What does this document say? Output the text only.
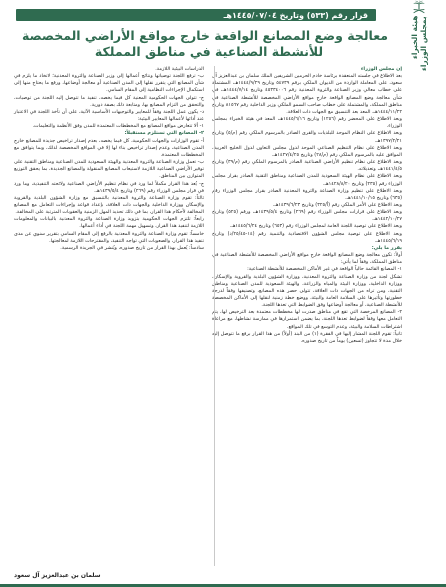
قرار رقم (٥٣٣) وتاريخ ١٤٤٥/٠٧/٠٤هـ
هيئة الخبراء بمجلس الوزراء
معالجة وضع المصانع الواقعة خارج مواقع الأراضي المخصصة
للأنشطة الصناعية في مناطق المملكة

إن مجلس الوزراء

بعد الاطلاع في جلسته المنعقدة برئاسة خادم الحرمين الشريفين الملك سلمان بن عبدالعزيز آل سعود، على المعاملة الواردة من الديوان الملكي برقم ٥٤٧٣٩ وتاريخ ١٤٤٤/٩/٢٩هـ، المشتملة على خطاب معالي وزير الصناعة والثروة المعدنية رقم ٤٥٣٣٤٠٠٦ وتاريخ ١٤٤٤/٧/١٤هـ، في شأن معالجة وضع المصانع الواقعة خارج مواقع الأراضي المخصصة للأنشطة الصناعية في مناطق المملكة، والمشتملة على خطاب صاحب السمو الملكي وزير الداخلية رقم ٨١٥٦٧ وتاريخ ١٤٤٤/١١/٢٢هـ، المعد بعد التنسيق مع الجهات ذات العلاقة.

وبعد الاطلاع على المحضر رقم (١٢٥٦) وتاريخ ١٤٤٥/٦/١٦هـ، المعد في هيئة الخبراء بمجلس الوزراء.

وبعد الاطلاع على النظام الموحد للبلديات والقرى الصادر بالمرسوم الملكي رقم (م/٥) وتاريخ ١٣٩٧/٢/٢١هـ.

وبعد الاطلاع على نظام التنظيم الصناعي الموحد لدول مجلس التعاون لدول الخليج العربية، الموافق عليه بالمرسوم الملكي رقم (م/٢٨) وتاريخ ١٤٢٧/٤/٢٥هـ.

وبعد الاطلاع على نظام تنظيم الأراضي الصناعية الصادر بالمرسوم الملكي رقم (م/٣٩) وتاريخ ١٤٤١/٤/٥هـ، وتعديلاته.

وبعد الاطلاع على نظام الهيئة السعودية للمدن الصناعية ومناطق التقنية الصادر بقرار مجلس الوزراء رقم (٢٣٥) وتاريخ ١٤٢٨/٨/٢٠هـ.

وبعد الاطلاع على تنظيم وزارة الصناعة والثروة المعدنية الصادر بقرار مجلس الوزراء رقم (٦٣٥) وتاريخ ١٤٤١/١٠/١٥هـ.

وبعد الاطلاع على الأمر الملكي رقم (أ/٣٢٥) وتاريخ ١٤٣٩/٦/٢٣هـ.

وبعد الاطلاع على قرارات مجلس الوزراء رقم (٢٦٩) وتاريخ ١٤٣٩/٥/٤هـ، ورقم (٥٢٥) وتاريخ ١٤٤٢/١٠/٢٧هـ.

وبعد الاطلاع على توصية اللجنة العامة لمجلس الوزراء رقم (٦٥٣) وتاريخ ١٤٤٥/٦/٢٤هـ.

وبعد الاطلاع على توصية مجلس الشؤون الاقتصادية والتنمية رقم (١٤-٢٥/٤٥/د) وتاريخ ١٤٤٥/٦/١٩هـ.

يقرر ما يلي:

أولاً: تكون معالجة وضع المصانع الواقعة خارج مواقع الأراضي المخصصة للأنشطة الصناعية في مناطق المملكة، وفقاً لما يأتي:

١- المصانع القائمة حالياً الواقعة في غير الأماكن المخصصة للأنشطة الصناعية:

تشكل لجنة من وزارة الصناعة والثروة المعدنية، ووزارة الشؤون البلدية والقروية والإسكان، ووزارة الداخلية، ووزارة البيئة والمياه والزراعة، والهيئة السعودية للمدن الصناعية ومناطق التقنية، ومن تراه من الجهات ذات العلاقة، تتولى حصر هذه المصانع، وتصنيفها وفقاً لدرجة خطورتها وتأثيرها على السلامة العامة والبيئة، ووضع خطة زمنية لنقلها إلى الأماكن المخصصة للأنشطة الصناعية، أو معالجة أوضاعها وفق الضوابط التي تعدها اللجنة.

٢- المصانع المرخصة التي تقع في مناطق صدرت لها مخططات معتمدة بعد الترخيص لها، يتم التعامل معها وفقاً لضوابط تعدها اللجنة، بما يضمن استمرارها في ممارسة نشاطها، مع مراعاة اشتراطات السلامة والبيئة، وعدم التوسع في تلك المواقع.

ثانياً: تقوم اللجنة المشار إليها في الفقرة (١) من البند (أولاً) من هذا القرار برفع ما تتوصل إليه خلال مدة لا تتجاوز (تسعين) يوماً من تاريخ صدوره.

الدراسات البيئية اللازمة.

ب- ترفع اللجنة توصياتها ونتائج أعمالها إلى وزير الصناعة والثروة المعدنية؛ لاتخاذ ما يلزم في شأن المصانع التي يتقرر نقلها إلى المدن الصناعية أو معالجة أوضاعها، ورفع ما يحتاج منها إلى استكمال الإجراءات النظامية إلى المقام السامي.

ج- تتولى الجهات الحكومية المعنية كل فيما يخصه، تنفيذ ما تتوصل إليه اللجنة من توصيات، والتحقق من التزام المصانع بها، ومتابعة ذلك بصفة دورية.

د- يكون عمل اللجنة وفقاً للمعايير والتوجيهات الأساسية الآتية، على أن تأخذ اللجنة في الاعتبار عند أدائها لأعمالها المعايير البيئية:

١- ألا تتعارض مواقع المصانع مع المخططات المعتمدة للمدن وفق الأنظمة والتعليمات.

٢- المصانع التي تستلزم مستقبلاً:

أ- تقوم الوزارات والجهات الحكومية، كل فيما يخصه، بعدم إصدار تراخيص جديدة للمصانع خارج المدن الصناعية، وعدم إصدار تراخيص بناء لها إلا في المواقع المخصصة لذلك، وبما يتوافق مع المخططات المعتمدة.

ب- تعمل وزارة الصناعة والثروة المعدنية والهيئة السعودية للمدن الصناعية ومناطق التقنية على توفير الأراضي الصناعية اللازمة لاستيعاب المصانع المنقولة والمصانع الجديدة، بما يحقق التوزيع المتوازن بين المناطق.

ج- يُعد هذا القرار مكملاً لما ورد في نظام تنظيم الأراضي الصناعية ولائحته التنفيذية، وما ورد في قرار مجلس الوزراء رقم (٢٦٩) وتاريخ ١٤٣٩/٥/٤هـ.

ثالثاً: تقوم وزارة الصناعة والثروة المعدنية بالتنسيق مع وزارة الشؤون البلدية والقروية والإسكان ووزارة الداخلية والجهات ذات العلاقة، بإعداد قواعد وإجراءات التعامل مع المصانع المخالفة لأحكام هذا القرار، بما في ذلك تحديد المهل الزمنية والعقوبات المترتبة على المخالفة.

رابعاً: تلتزم الجهات الحكومية بتزويد وزارة الصناعة والثروة المعدنية بالبيانات والمعلومات اللازمة لتنفيذ هذا القرار، وتسهيل مهمة اللجنة في أداء أعمالها.

خامساً: تقوم وزارة الصناعة والثروة المعدنية بالرفع إلى المقام السامي بتقرير سنوي عن مدى تنفيذ هذا القرار، والصعوبات التي تواجه التنفيذ، والمقترحات اللازمة لمعالجتها.

سادساً: يُعمل بهذا القرار من تاريخ صدوره، ويُنشر في الجريدة الرسمية.

سلمان بن عبدالعزيز آل سعود
